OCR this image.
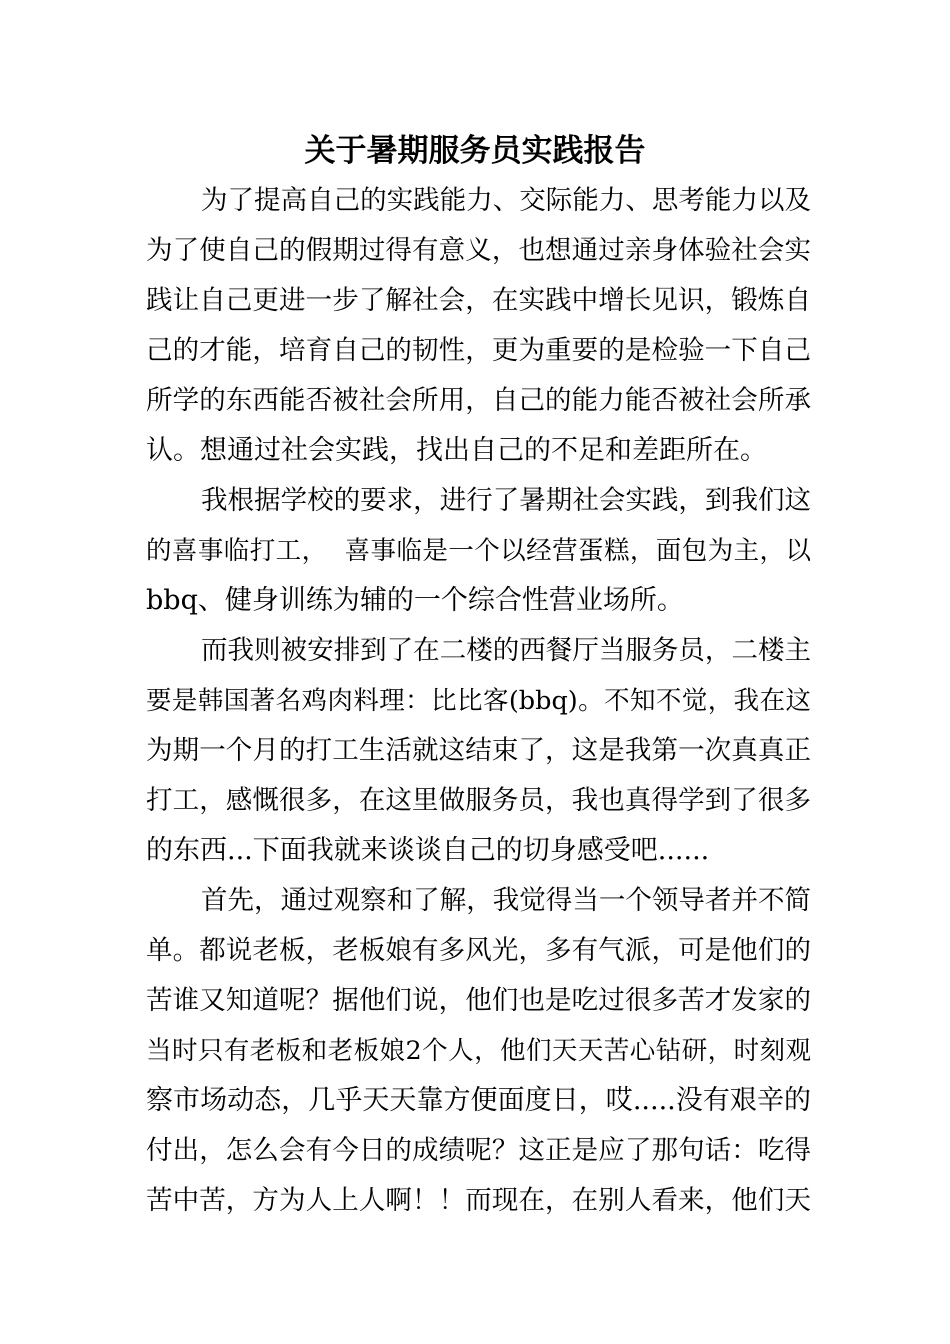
关于暑期服务员实践报告
为了提高自己的实践能力、交际能力、思考能力以及
为了使自己的假期过得有意义，也想通过亲身体验社会实
践让自己更进一步了解社会，在实践中增长见识，锻炼自
己的才能，培育自己的韧性，更为重要的是检验一下自己
所学的东西能否被社会所用，自己的能力能否被社会所承
认。想通过社会实践，找出自己的不足和差距所在。
我根据学校的要求，进行了暑期社会实践，到我们这
的喜事临打工，  喜事临是一个以经营蛋糕，面包为主，以
bbq、健身训练为辅的一个综合性营业场所。
而我则被安排到了在二楼的西餐厅当服务员，二楼主
要是韩国著名鸡肉料理：比比客(bbq)。不知不觉，我在这
为期一个月的打工生活就这结束了，这是我第一次真真正
打工，感慨很多，在这里做服务员，我也真得学到了很多
的东西...下面我就来谈谈自己的切身感受吧......
首先，通过观察和了解，我觉得当一个领导者并不简
单。都说老板，老板娘有多风光，多有气派，可是他们的
苦谁又知道呢？据他们说，他们也是吃过很多苦才发家的
当时只有老板和老板娘2个人，他们天天苦心钻研，时刻观
察市场动态，几乎天天靠方便面度日，哎.....没有艰辛的
付出，怎么会有今日的成绩呢？这正是应了那句话：吃得
苦中苦，方为人上人啊！！而现在，在别人看来，他们天
